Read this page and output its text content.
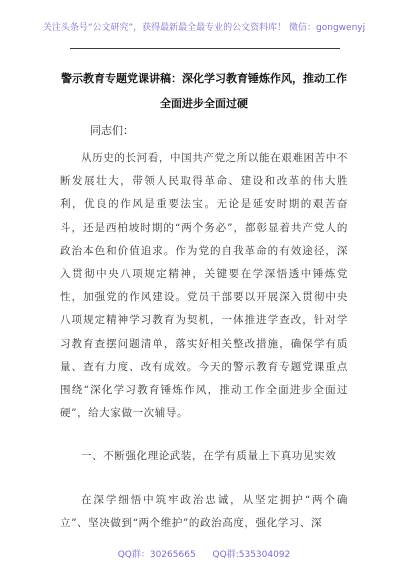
关注头条号“公文研究”，获得最新最全最专业的公文资料库！ 微信：gongwenyj
警示教育专题党课讲稿：深化学习教育锤炼作风，推动工作全面进步全面过硬
同志们：

从历史的长河看，中国共产党之所以能在艰难困苦中不断发展壮大，带领人民取得革命、建设和改革的伟大胜利，优良的作风是重要法宝。无论是延安时期的艰苦奋斗，还是西柏坡时期的“两个务必”，都彰显着共产党人的政治本色和价值追求。作为党的自我革命的有效途径，深入贯彻中央八项规定精神，关键要在学深悟透中锤炼党性，加强党的作风建设。党员干部要以开展深入贯彻中央八项规定精神学习教育为契机，一体推进学查改，针对学习教育查摆问题清单，落实好相关整改措施，确保学有质量、查有力度、改有成效。今天的警示教育专题党课重点围绕“深化学习教育锤炼作风，推动工作全面进步全面过硬”，给大家做一次辅导。

一、不断强化理论武装，在学有质量上下真功见实效

在深学细悟中筑牢政治忠诚，从坚定拥护“两个确立”、坚决做到“两个维护”的政治高度，强化学习、深

QQ群：30265665 QQ群:535304092
